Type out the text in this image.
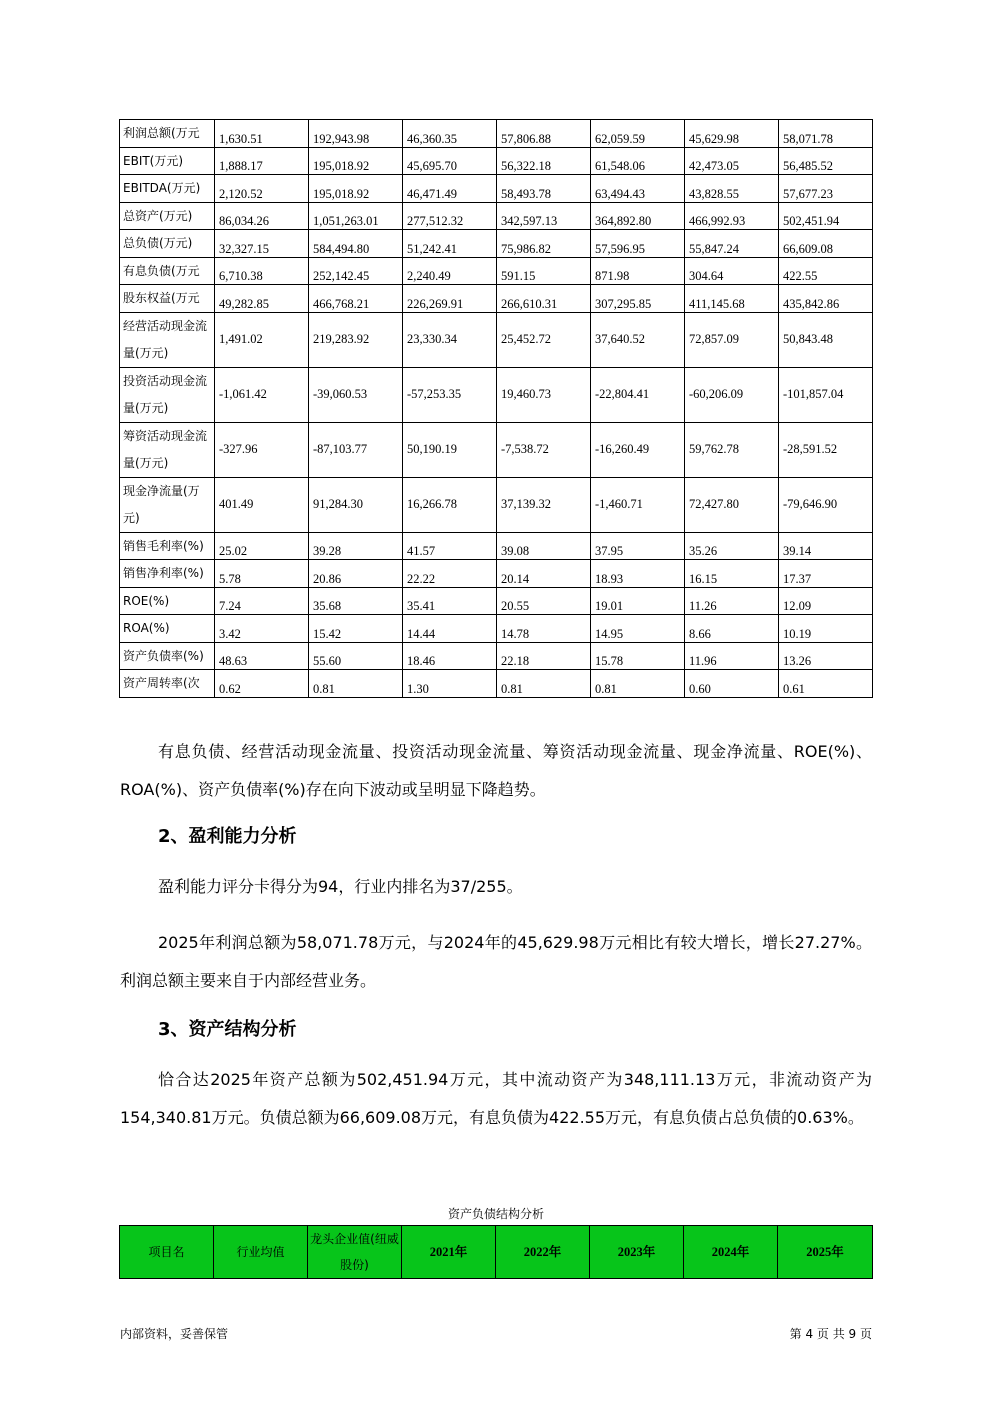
利润总额(万元	1,630.51	192,943.98	46,360.35	57,806.88	62,059.59	45,629.98	58,071.78
EBIT(万元)	1,888.17	195,018.92	45,695.70	56,322.18	61,548.06	42,473.05	56,485.52
EBITDA(万元)	2,120.52	195,018.92	46,471.49	58,493.78	63,494.43	43,828.55	57,677.23
总资产(万元)	86,034.26	1,051,263.01	277,512.32	342,597.13	364,892.80	466,992.93	502,451.94
总负债(万元)	32,327.15	584,494.80	51,242.41	75,986.82	57,596.95	55,847.24	66,609.08
有息负债(万元	6,710.38	252,142.45	2,240.49	591.15	871.98	304.64	422.55
股东权益(万元	49,282.85	466,768.21	226,269.91	266,610.31	307,295.85	411,145.68	435,842.86
经营活动现金流量(万元)	1,491.02	219,283.92	23,330.34	25,452.72	37,640.52	72,857.09	50,843.48
投资活动现金流量(万元)	-1,061.42	-39,060.53	-57,253.35	19,460.73	-22,804.41	-60,206.09	-101,857.04
筹资活动现金流量(万元)	-327.96	-87,103.77	50,190.19	-7,538.72	-16,260.49	59,762.78	-28,591.52
现金净流量(万元)	401.49	91,284.30	16,266.78	37,139.32	-1,460.71	72,427.80	-79,646.90
销售毛利率(%)	25.02	39.28	41.57	39.08	37.95	35.26	39.14
销售净利率(%)	5.78	20.86	22.22	20.14	18.93	16.15	17.37
ROE(%)	7.24	35.68	35.41	20.55	19.01	11.26	12.09
ROA(%)	3.42	15.42	14.44	14.78	14.95	8.66	10.19
资产负债率(%)	48.63	55.60	18.46	22.18	15.78	11.96	13.26
资产周转率(次	0.62	0.81	1.30	0.81	0.81	0.60	0.61

有息负债、经营活动现金流量、投资活动现金流量、筹资活动现金流量、现金净流量、ROE(%)、ROA(%)、资产负债率(%)存在向下波动或呈明显下降趋势。

2、盈利能力分析

盈利能力评分卡得分为94，行业内排名为37/255。

2025年利润总额为58,071.78万元，与2024年的45,629.98万元相比有较大增长，增长27.27%。利润总额主要来自于内部经营业务。

3、资产结构分析

恰合达2025年资产总额为502,451.94万元，其中流动资产为348,111.13万元，非流动资产为154,340.81万元。负债总额为66,609.08万元，有息负债为422.55万元，有息负债占总负债的0.63%。

资产负债结构分析
项目名	行业均值	龙头企业值(纽威股份)	2021年	2022年	2023年	2024年	2025年
内部资料，妥善保管	第 4 页 共 9 页
